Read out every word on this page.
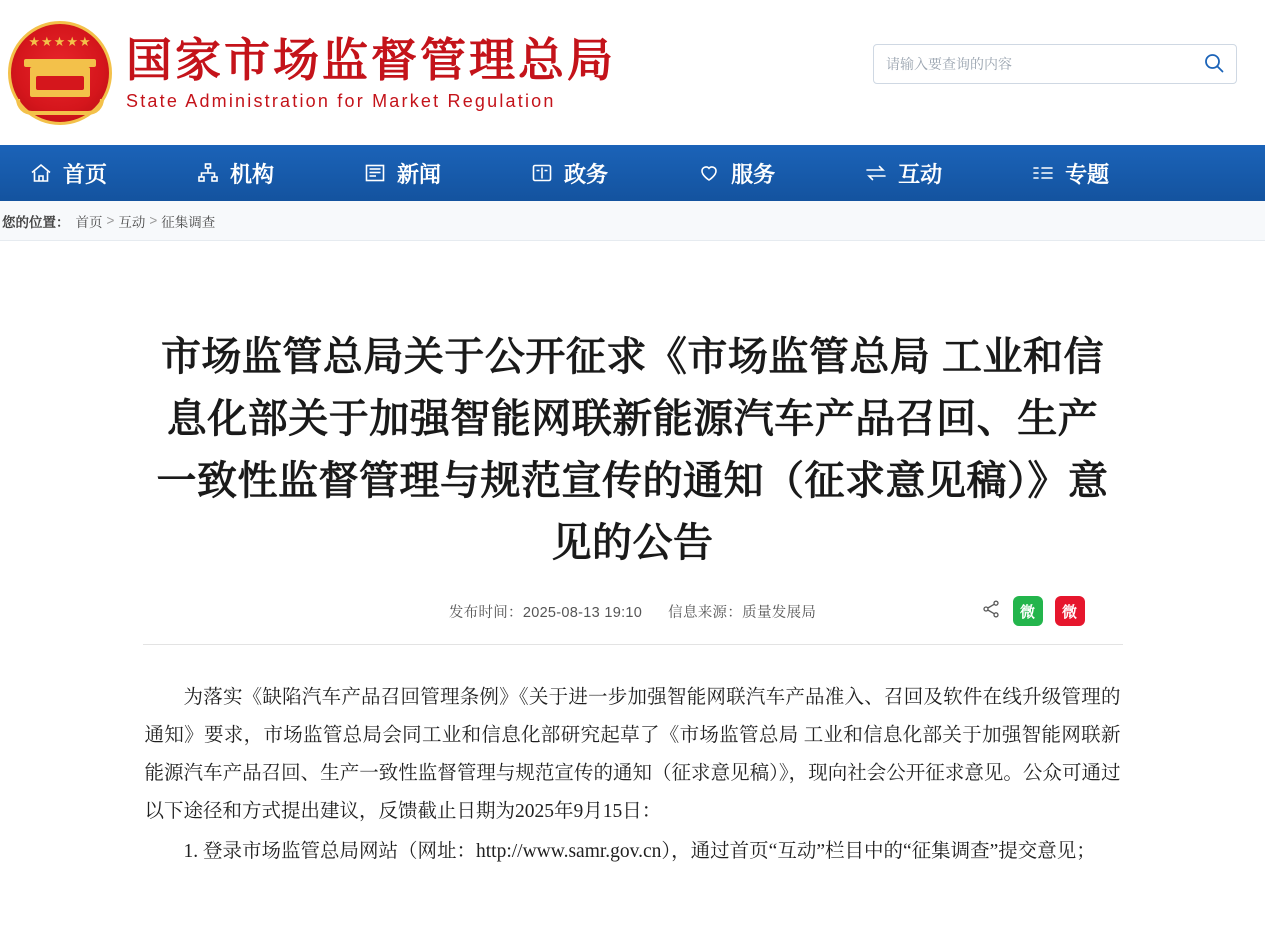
★★★★★ 国家市场监督管理总局
State Administration for Market Regulation
请输入要查询的内容
首页	机构	新闻	政务	服务	互动	专题
您的位置： 首页 > 互动 > 征集调查
市场监管总局关于公开征求《市场监管总局 工业和信息化部关于加强智能网联新能源汽车产品召回、生产一致性监督管理与规范宣传的通知（征求意见稿）》意见的公告
发布时间：2025-08-13 19:10 信息来源：质量发展局	微	微

为落实《缺陷汽车产品召回管理条例》《关于进一步加强智能网联汽车产品准入、召回及软件在线升级管理的通知》要求，市场监管总局会同工业和信息化部研究起草了《市场监管总局 工业和信息化部关于加强智能网联新能源汽车产品召回、生产一致性监督管理与规范宣传的通知（征求意见稿）》，现向社会公开征求意见。公众可通过以下途径和方式提出建议，反馈截止日期为2025年9月15日：

1. 登录市场监管总局网站（网址：http://www.samr.gov.cn），通过首页“互动”栏目中的“征集调查”提交意见；
